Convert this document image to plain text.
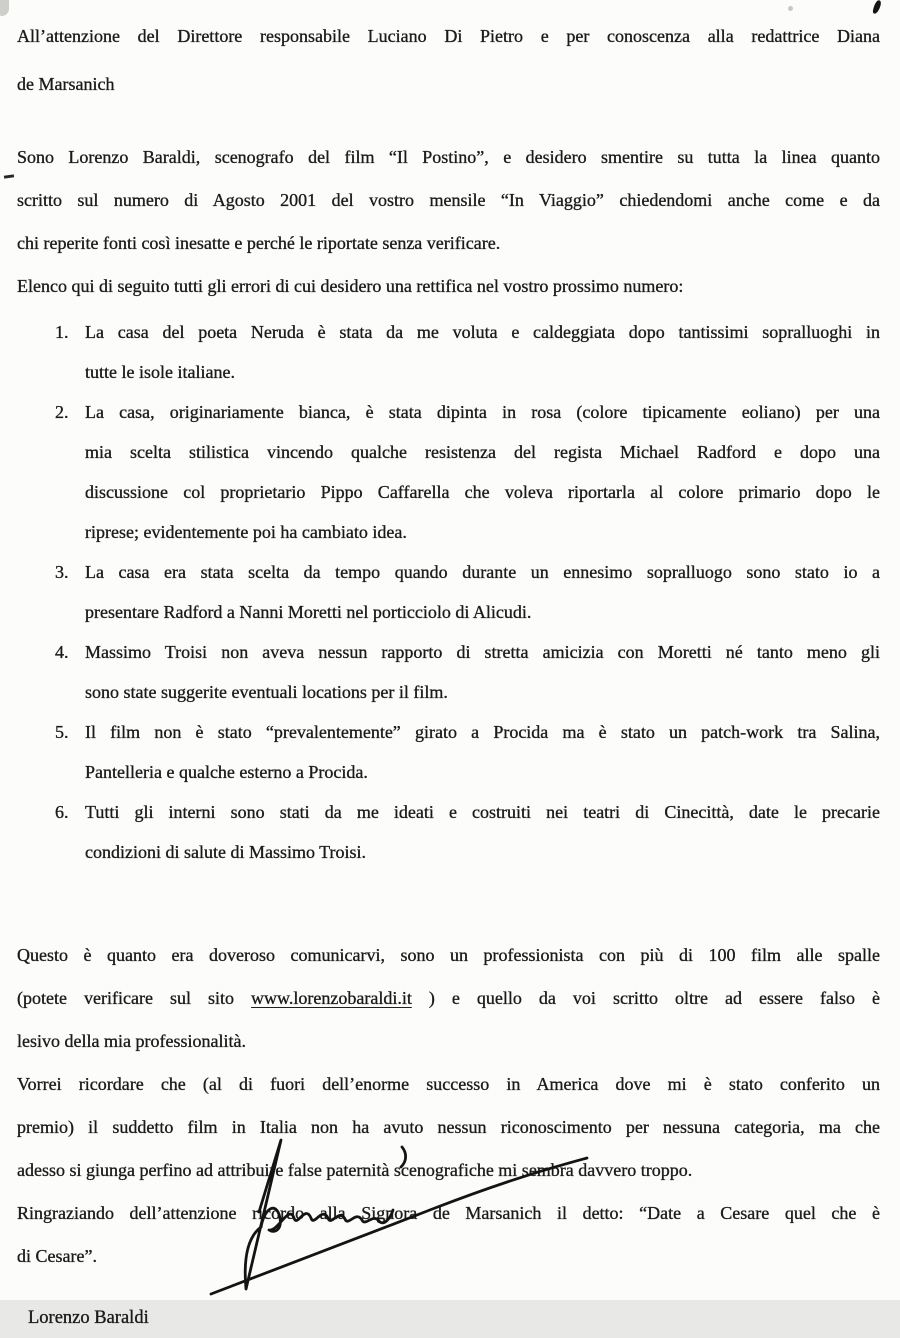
All’attenzione del Direttore responsabile Luciano Di Pietro e per conoscenza alla redattrice Diana
de Marsanich
Sono Lorenzo Baraldi, scenografo del film “Il Postino”, e desidero smentire su tutta la linea quanto
scritto sul numero di Agosto 2001 del vostro mensile “In Viaggio” chiedendomi anche come e da
chi reperite fonti così inesatte e perché le riportate senza verificare.
Elenco qui di seguito tutti gli errori di cui desidero una rettifica nel vostro prossimo numero:
1. La casa del poeta Neruda è stata da me voluta e caldeggiata dopo tantissimi sopralluoghi in
tutte le isole italiane.
2. La casa, originariamente bianca, è stata dipinta in rosa (colore tipicamente eoliano) per una
mia scelta stilistica vincendo qualche resistenza del regista Michael Radford e dopo una
discussione col proprietario Pippo Caffarella che voleva riportarla al colore primario dopo le
riprese; evidentemente poi ha cambiato idea.
3. La casa era stata scelta da tempo quando durante un ennesimo sopralluogo sono stato io a
presentare Radford a Nanni Moretti nel porticciolo di Alicudi.
4. Massimo Troisi non aveva nessun rapporto di stretta amicizia con Moretti né tanto meno gli
sono state suggerite eventuali locations per il film.
5. Il film non è stato “prevalentemente” girato a Procida ma è stato un patch-work tra Salina,
Pantelleria e qualche esterno a Procida.
6. Tutti gli interni sono stati da me ideati e costruiti nei teatri di Cinecittà, date le precarie
condizioni di salute di Massimo Troisi.
Questo è quanto era doveroso comunicarvi, sono un professionista con più di 100 film alle spalle
(potete verificare sul sito www.lorenzobaraldi.it ) e quello da voi scritto oltre ad essere falso è
lesivo della mia professionalità.
Vorrei ricordare che (al di fuori dell’enorme successo in America dove mi è stato conferito un
premio) il suddetto film in Italia non ha avuto nessun riconoscimento per nessuna categoria, ma che
adesso si giunga perfino ad attribuire false paternità scenografiche mi sembra davvero troppo.
Ringraziando dell’attenzione ricordo alla Signora de Marsanich il detto: “Date a Cesare quel che è
di Cesare”.
Lorenzo Baraldi
